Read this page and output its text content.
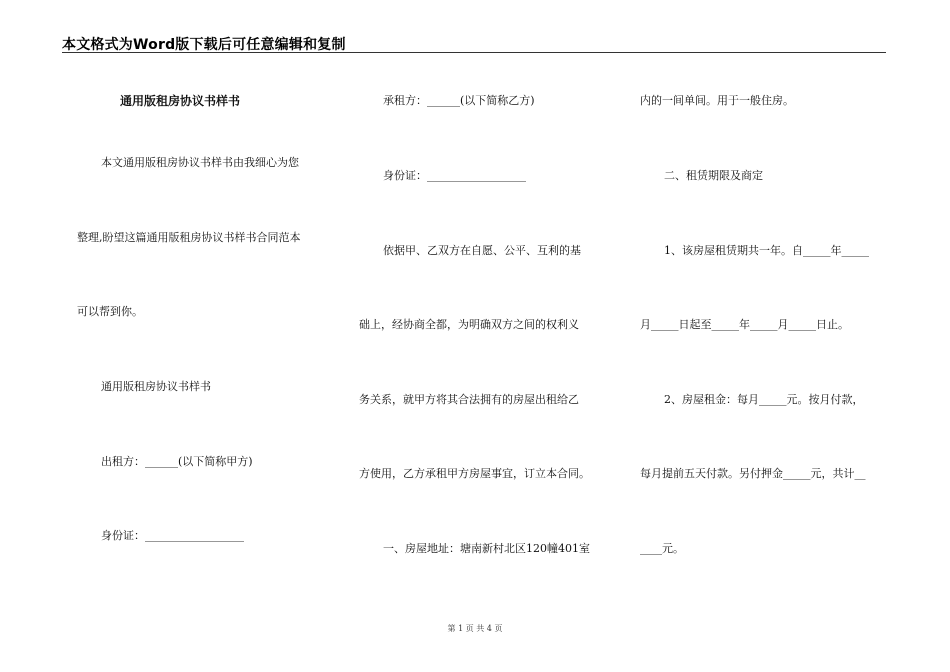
本文格式为Word版下载后可任意编辑和复制
通用版租房协议书样书
本文通用版租房协议书样书由我细心为您
整理,盼望这篇通用版租房协议书样书合同范本
可以帮到你。
通用版租房协议书样书
出租方：______(以下简称甲方)
身份证：__________________
承租方：______(以下简称乙方)
身份证：__________________
依据甲、乙双方在自愿、公平、互利的基
础上，经协商全都，为明确双方之间的权利义
务关系，就甲方将其合法拥有的房屋出租给乙
方使用，乙方承租甲方房屋事宜，订立本合同。
一、房屋地址：塘南新村北区120幢401室
内的一间单间。用于一般住房。
二、租赁期限及商定
1、该房屋租赁期共一年。自_____年_____
月_____日起至_____年_____月_____日止。
2、房屋租金：每月_____元。按月付款，
每月提前五天付款。另付押金_____元，共计__
____元。
第 1 页 共 4 页
